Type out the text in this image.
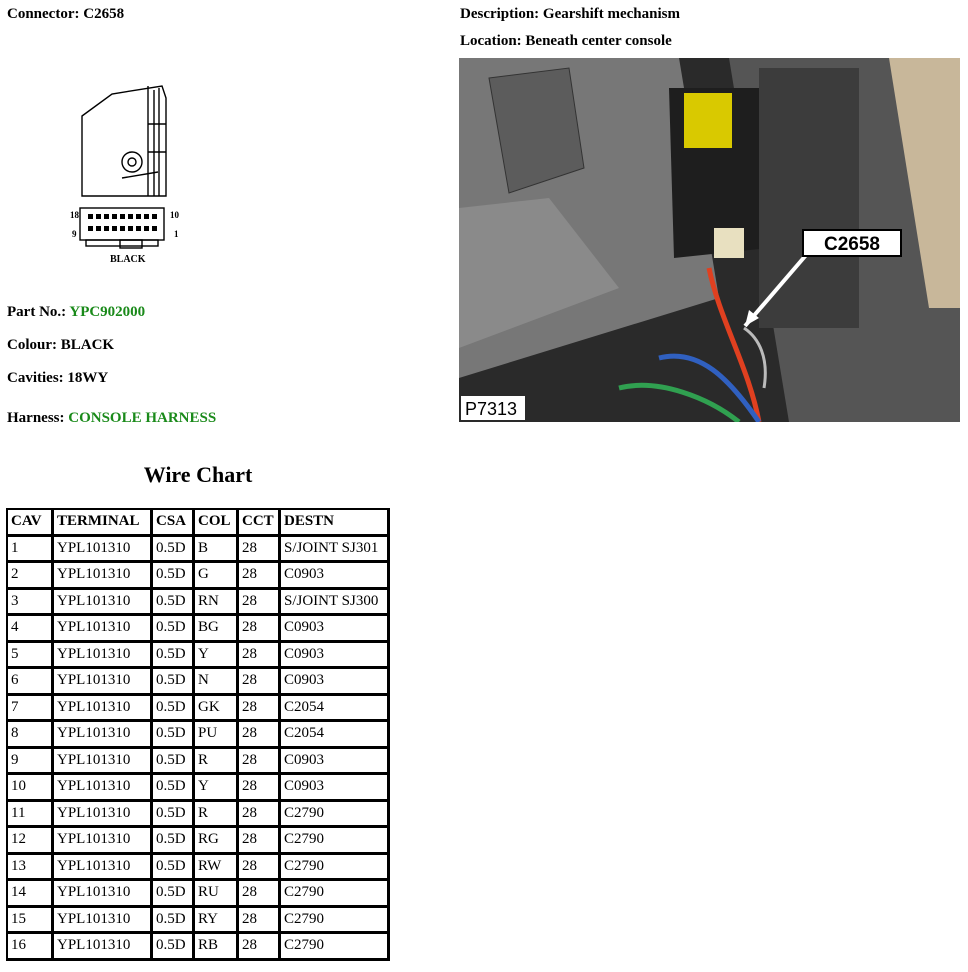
Connector: C2658	Description: Gearshift mechanism
Location: Beneath center console
18	10
9	1
BLACK
C2658
P7313
Part No.: YPC902000
Colour: BLACK
Cavities: 18WY
Harness: CONSOLE HARNESS
Wire Chart
CAV	TERMINAL	CSA	COL	CCT	DESTN
1	YPL101310	0.5D	B	28	S/JOINT SJ301
2	YPL101310	0.5D	G	28	C0903
3	YPL101310	0.5D	RN	28	S/JOINT SJ300
4	YPL101310	0.5D	BG	28	C0903
5	YPL101310	0.5D	Y	28	C0903
6	YPL101310	0.5D	N	28	C0903
7	YPL101310	0.5D	GK	28	C2054
8	YPL101310	0.5D	PU	28	C2054
9	YPL101310	0.5D	R	28	C0903
10	YPL101310	0.5D	Y	28	C0903
11	YPL101310	0.5D	R	28	C2790
12	YPL101310	0.5D	RG	28	C2790
13	YPL101310	0.5D	RW	28	C2790
14	YPL101310	0.5D	RU	28	C2790
15	YPL101310	0.5D	RY	28	C2790
16	YPL101310	0.5D	RB	28	C2790
